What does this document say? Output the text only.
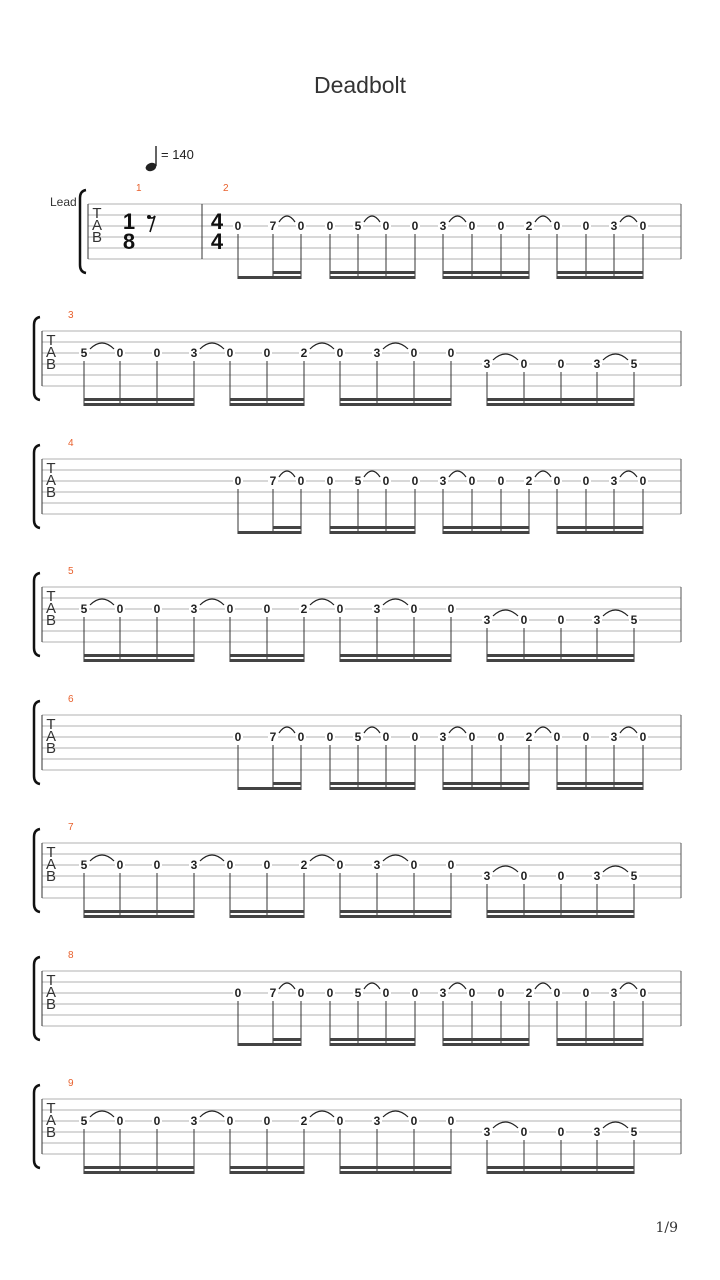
Deadbolt
= 140
T
A
B
Lead
1	2
1
8
4
4
0 7 0 0 5 0 0 3 0 0 2 0 0 3 0
T
A
B
3
5 0	0	3 0	0	2 0	3	0	0
3	0	0 3	5
T
A
B
4
0 7 0 0 5 0 0 3 0 0 2 0 0 3 0
T
A
B
5
5 0	0	3 0	0	2 0	3	0	0
3	0	0 3	5
T
A
B
6
0 7 0 0 5 0 0 3 0 0 2 0 0 3 0
T
A
B
7
5 0	0	3 0	0	2 0	3	0	0
3	0	0 3	5
T
A
B
8
0 7 0 0 5 0 0 3 0 0 2 0 0 3 0
T
A
B
9
5 0	0	3 0	0	2 0	3	0	0
3	0	0 3	5
1/9
